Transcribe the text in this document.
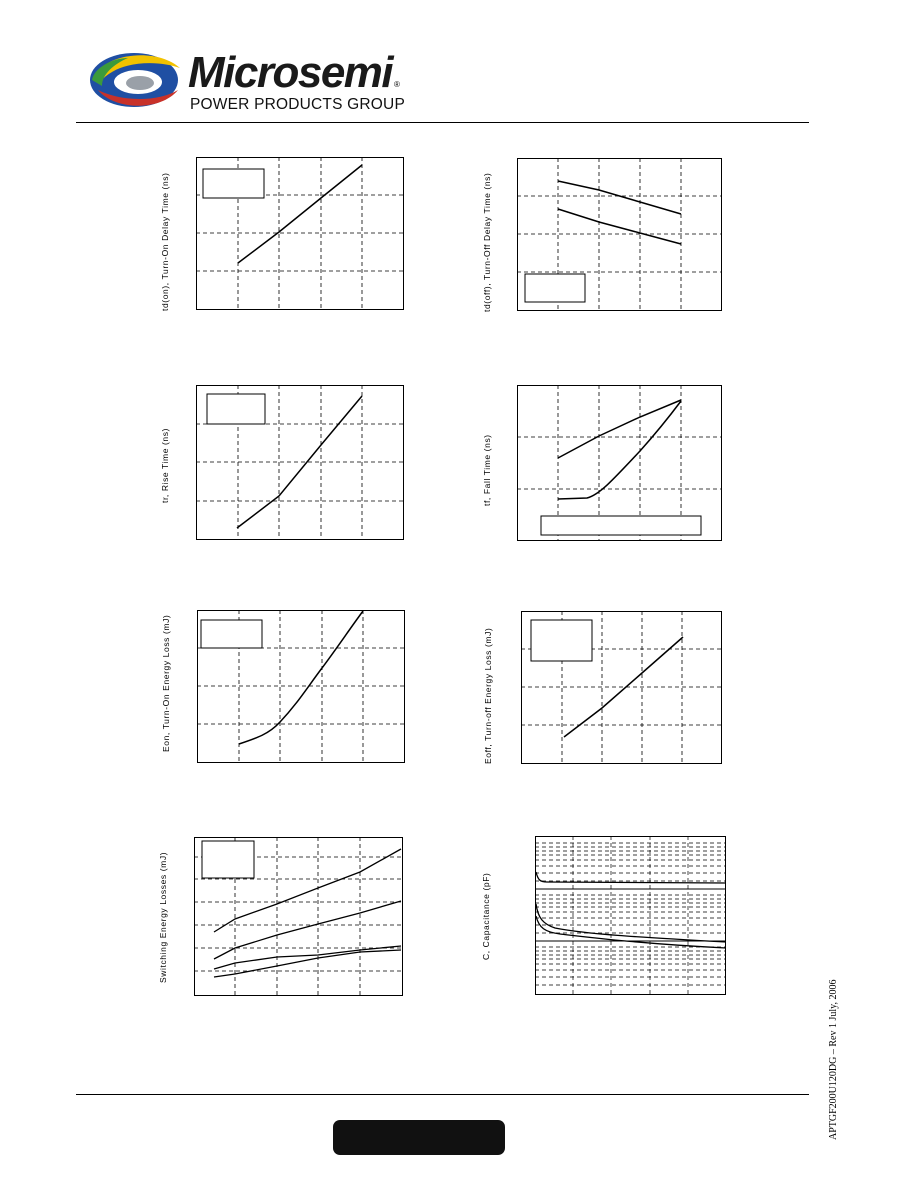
Microsemi ®
POWER PRODUCTS GROUP
td(on), Turn-On Delay Time (ns)	td(off), Turn-Off Delay Time (ns)
tr, Rise Time (ns)	tf, Fall Time (ns)
Eon, Turn-On Energy Loss (mJ)	Eoff, Turn-off Energy Loss (mJ)
Switching Energy Losses (mJ)	C, Capacitance (pF)
APTGF200U120DG – Rev 1 July, 2006
